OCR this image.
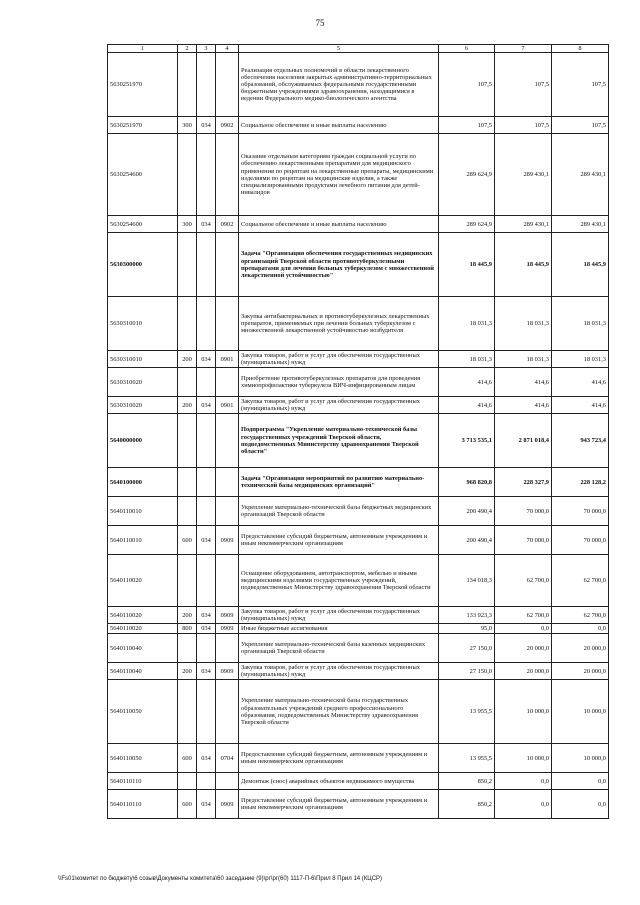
75
1	2	3	4	5	6	7	8
5630251970				Реализация отдельных полномочий в области лекарственного обеспечения населения закрытых административно-территориальных образований, обслуживаемых федеральными государственными бюджетными учреждениями здравоохранения, находящимися в ведении Федерального медико-биологического агентства	107,5	107,5	107,5
5630251970	300	034	0902	Социальное обеспечение и иные выплаты населению	107,5	107,5	107,5
5630254600				Оказание отдельным категориям граждан социальной услуги по обеспечению лекарственными препаратами для медицинского применения по рецептам на лекарственные препараты, медицинскими изделиями по рецептам на медицинские изделия, а также специализированными продуктами лечебного питания для детей-инвалидов	289 624,9	289 430,1	289 430,1
5630254600	300	034	0902	Социальное обеспечение и иные выплаты населению	289 624,9	289 430,1	289 430,1
5630300000				Задача "Организация обеспечения государственных медицинских организаций Тверской области противотуберкулезными препаратами для лечения больных туберкулезом с множественной лекарственной устойчивостью"	18 445,9	18 445,9	18 445,9
5630310010				Закупка антибактериальных и противотуберкулезных лекарственных препаратов, применяемых при лечении больных туберкулезом с множественной лекарственной устойчивостью возбудителя	18 031,3	18 031,3	18 031,3
5630310010	200	034	0901	Закупка товаров, работ и услуг для обеспечения государственных (муниципальных) нужд	18 031,3	18 031,3	18 031,3
5630310020				Приобретение противотуберкулезных препаратов для проведения химиопрофилактики туберкулеза ВИЧ-инфицированным лицам	414,6	414,6	414,6
5630310020	200	034	0901	Закупка товаров, работ и услуг для обеспечения государственных (муниципальных) нужд	414,6	414,6	414,6
5640000000				Подпрограмма "Укрепление материально-технической базы государственных учреждений Тверской области, подведомственных Министерству здравоохранения Тверской области"	3 713 535,1	2 871 018,4	943 723,4
5640100000				Задача "Организация мероприятий по развитию материально-технической базы медицинских организаций"	968 820,8	228 327,9	228 128,2
5640110010				Укрепление материально-технической базы бюджетных медицинских организаций Тверской области	200 490,4	70 000,0	70 000,0
5640110010	600	034	0909	Предоставление субсидий бюджетным, автономным учреждениям и иным некоммерческим организациям	200 490,4	70 000,0	70 000,0
5640110020				Оснащение оборудованием, автотранспортом, мебелью и иными медицинскими изделиями государственных учреждений, подведомственных Министерству здравоохранения Тверской области	134 018,3	62 700,0	62 700,0
5640110020	200	034	0909	Закупка товаров, работ и услуг для обеспечения государственных (муниципальных) нужд	133 923,3	62 700,0	62 700,0
5640110020	800	034	0909	Иные бюджетные ассигнования	95,0	0,0	0,0
5640110040				Укрепление материально-технической базы казенных медицинских организаций Тверской области	27 150,0	20 000,0	20 000,0
5640110040	200	034	0909	Закупка товаров, работ и услуг для обеспечения государственных (муниципальных) нужд	27 150,0	20 000,0	20 000,0
5640110050				Укрепление материально-технической базы государственных образовательных учреждений среднего профессионального образования, подведомственных Министерству здравоохранения Тверской области	13 955,5	10 000,0	10 000,0
5640110050	600	034	0704	Предоставление субсидий бюджетным, автономным учреждениям и иным некоммерческим организациям	13 955,5	10 000,0	10 000,0
5640110110				Демонтаж (снос) аварийных объектов недвижимого имущества	850,2	0,0	0,0
5640110110	600	034	0909	Предоставление субсидий бюджетным, автономным учреждениям и иным некоммерческим организациям	850,2	0,0	0,0
\\Fs01\комитет по бюджету\6 созыв\Документы комитета\60 заседание (9)\рг\рг(60) 1117-П-6\Прил 8 Прил 14 (КЦСР)
